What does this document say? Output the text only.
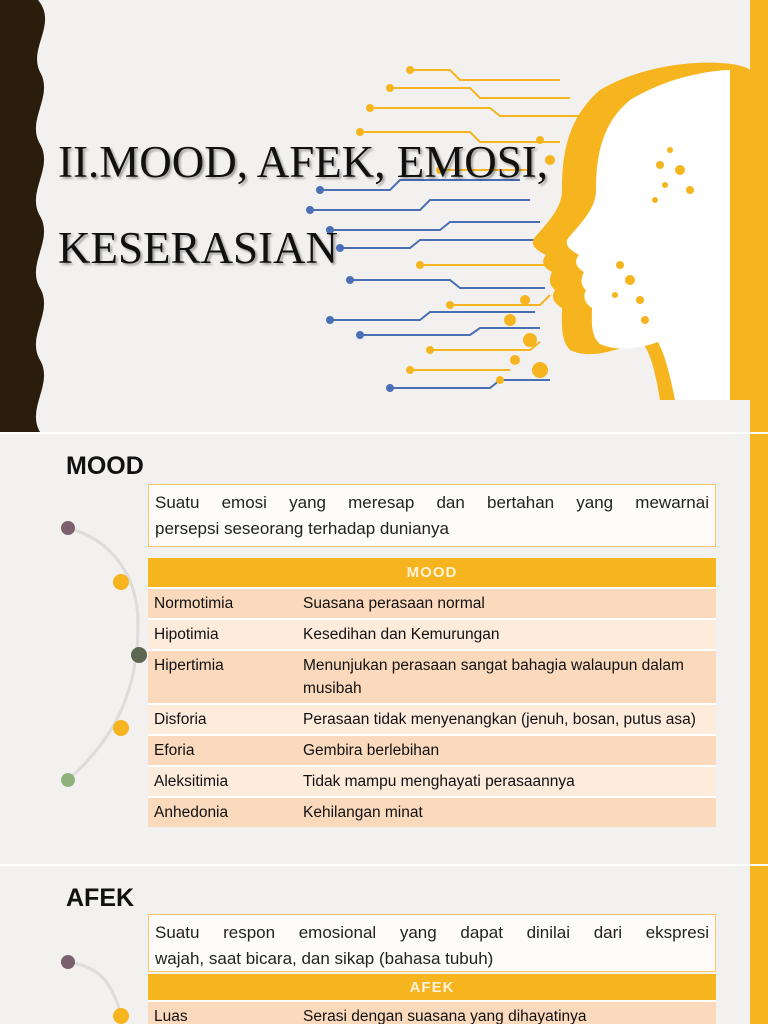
II.MOOD, AFEK, EMOSI,
KESERASIAN
MOOD
Suatu emosi yang meresap dan bertahan yang mewarnai
persepsi seseorang terhadap dunianya
MOOD	
Normotimia	Suasana perasaan normal
Hipotimia	Kesedihan dan Kemurungan
Hipertimia	Menunjukan perasaan sangat bahagia walaupun dalam musibah
Disforia	Perasaan tidak menyenangkan (jenuh, bosan, putus asa)
Eforia	Gembira berlebihan
Aleksitimia	Tidak mampu menghayati perasaannya
Anhedonia	Kehilangan minat
AFEK
Suatu respon emosional yang dapat dinilai dari ekspresi
wajah, saat bicara, dan sikap (bahasa tubuh)
AFEK
Luas	Serasi dengan suasana yang dihayatinya
